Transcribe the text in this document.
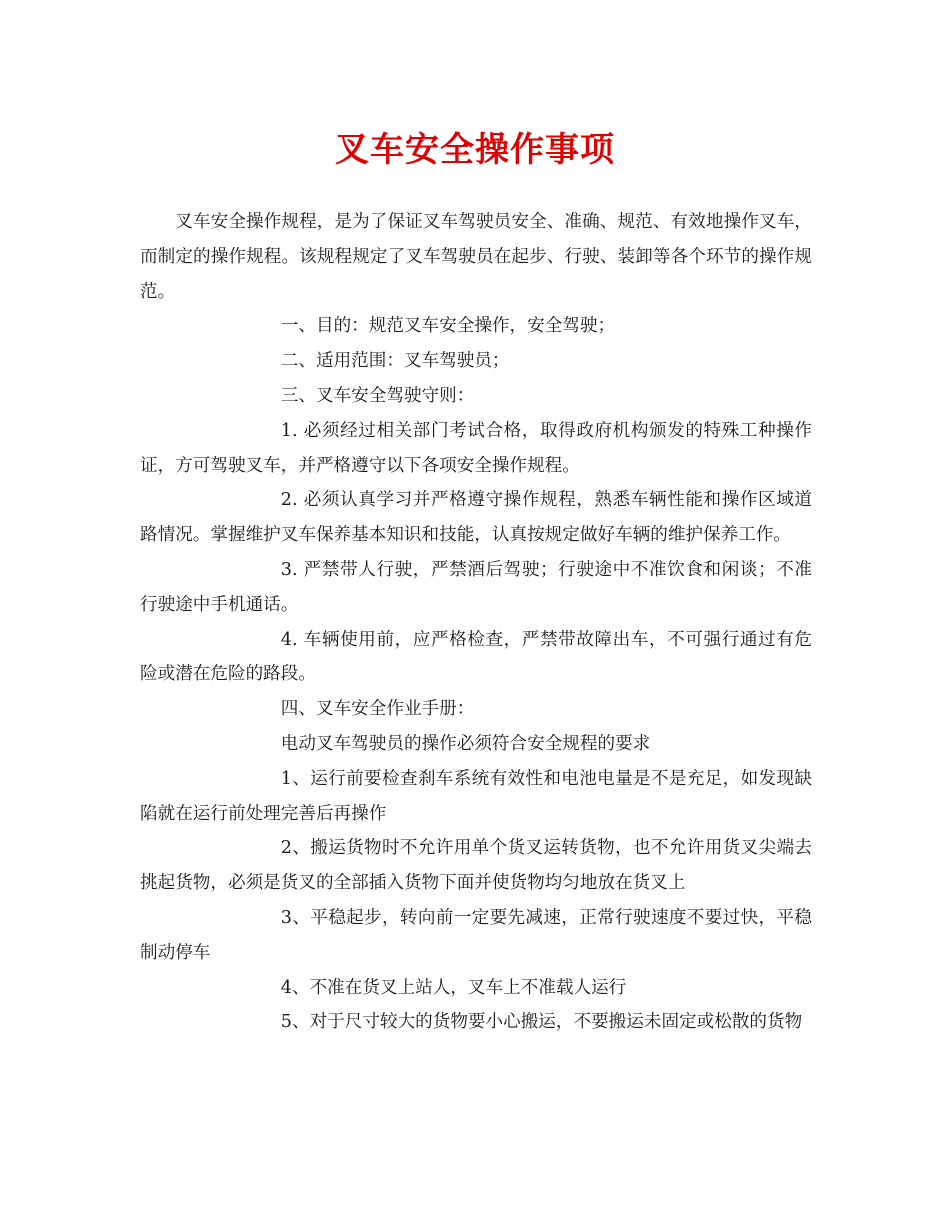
叉车安全操作事项

叉车安全操作规程，是为了保证叉车驾驶员安全、准确、规范、有效地操作叉车，而制定的操作规程。该规程规定了叉车驾驶员在起步、行驶、装卸等各个环节的操作规范。

一、目的：规范叉车安全操作，安全驾驶；

二、适用范围：叉车驾驶员；

三、叉车安全驾驶守则：

1. 必须经过相关部门考试合格，取得政府机构颁发的特殊工种操作证，方可驾驶叉车，并严格遵守以下各项安全操作规程。

2. 必须认真学习并严格遵守操作规程，熟悉车辆性能和操作区域道路情况。掌握维护叉车保养基本知识和技能，认真按规定做好车辆的维护保养工作。

3. 严禁带人行驶，严禁酒后驾驶；行驶途中不准饮食和闲谈；不准行驶途中手机通话。

4. 车辆使用前，应严格检查，严禁带故障出车，不可强行通过有危险或潜在危险的路段。

四、叉车安全作业手册：

电动叉车驾驶员的操作必须符合安全规程的要求

1、运行前要检查刹车系统有效性和电池电量是不是充足，如发现缺陷就在运行前处理完善后再操作

2、搬运货物时不允许用单个货叉运转货物，也不允许用货叉尖端去挑起货物，必须是货叉的全部插入货物下面并使货物均匀地放在货叉上

3、平稳起步，转向前一定要先减速，正常行驶速度不要过快，平稳制动停车

4、不准在货叉上站人，叉车上不准载人运行

5、对于尺寸较大的货物要小心搬运，不要搬运未固定或松散的货物
